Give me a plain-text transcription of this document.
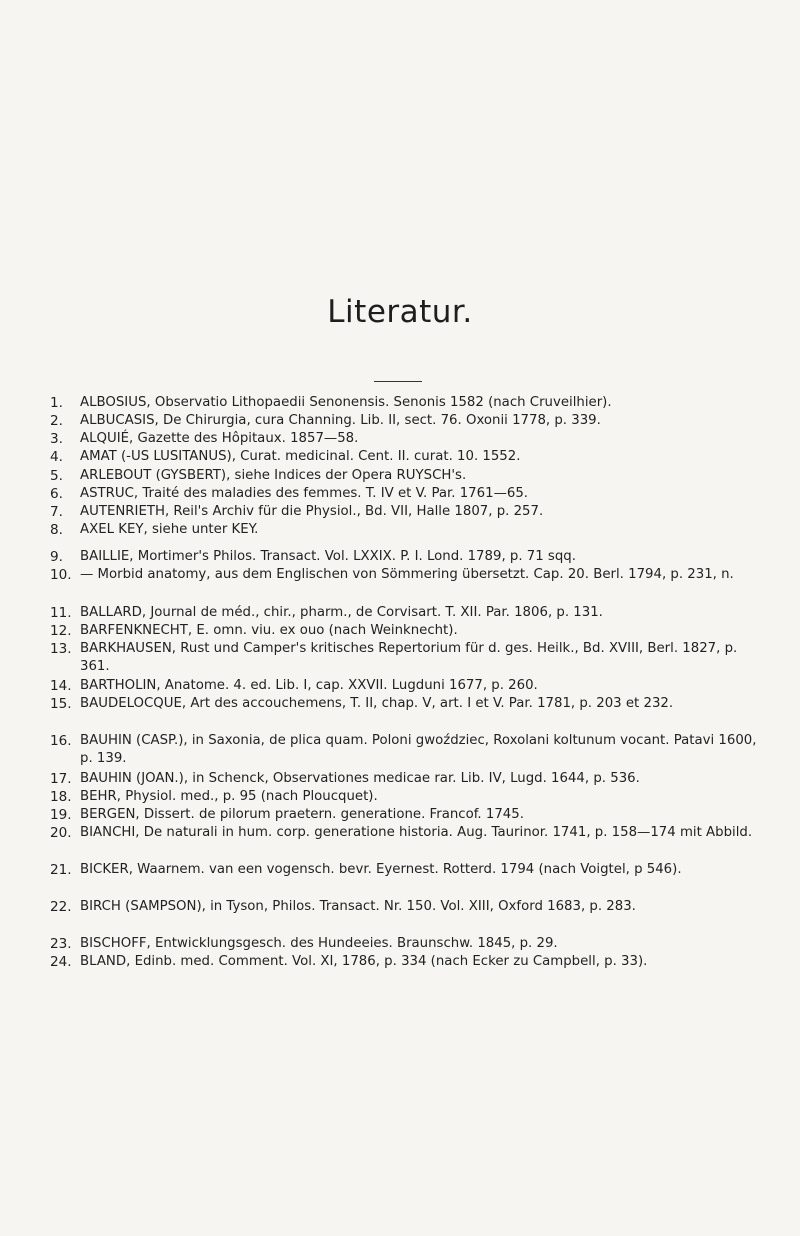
Literatur.
1.	ALBOSIUS, Observatio Lithopaediі Senonensis. Senonis 1582 (nach Cruveilhier).
2.	ALBUCASIS, De Chirurgia, cura Channing. Lib. II, sect. 76. Oxonii 1778, p. 339.
3.	ALQUIÉ, Gazette des Hôpitaux. 1857—58.
4.	AMAT (-US LUSITANUS), Curat. medicinal. Cent. II. curat. 10. 1552.
5.	ARLEBOUT (GYSBERT), siehe Indices der Opera RUYSCH's.
6.	ASTRUC, Traité des maladies des femmes. T. IV et V. Par. 1761—65.
7.	AUTENRIETH, Reil's Archiv für die Physiol., Bd. VII, Halle 1807, p. 257.
8.	AXEL KEY, siehe unter KEY.
9.	BAILLIE, Mortimer's Philos. Transact. Vol. LXXIX. P. I. Lond. 1789, p. 71 sqq.
10. — Morbid anatomy, aus dem Englischen von Sömmering übersetzt. Cap. 20. Berl. 1794, p. 231, n.
11. BALLARD, Journal de méd., chir., pharm., de Corvisart. T. XII. Par. 1806, p. 131.
12. BARFENKNECHT, E. omn. viu. ex ouo (nach Weinknecht).
13. BARKHAUSEN, Rust und Camper's kritisches Repertorium für d. ges. Heilk., Bd. XVIII, Berl. 1827, p. 361.
14. BARTHOLIN, Anatome. 4. ed. Lib. I, cap. XXVII. Lugduni 1677, p. 260.
15. BAUDELOCQUE, Art des accouchemens, T. II, chap. V, art. I et V. Par. 1781, p. 203 et 232.
16. BAUHIN (CASP.), in Saxonia, de plica quam. Poloni gwoździec, Roxolani koltunum vocant. Patavi 1600, p. 139.
17. BAUHIN (JOAN.), in Schenck, Observationes medicae rar. Lib. IV, Lugd. 1644, p. 536.
18. BEHR, Physiol. med., p. 95 (nach Ploucquet).
19. BERGEN, Dissert. de pilorum praetern. generatione. Francof. 1745.
20. BIANCHI, De naturali in hum. corp. generatione historia. Aug. Taurinor. 1741, p. 158—174 mit Abbild.
21. BICKER, Waarnem. van een vogensch. bevr. Eyernest. Rotterd. 1794 (nach Voigtel, p 546).
22. BIRCH (SAMPSON), in Tyson, Philos. Transact. Nr. 150. Vol. XIII, Oxford 1683, p. 283.
23. BISCHOFF, Entwicklungsgesch. des Hundeeies. Braunschw. 1845, p. 29.
24. BLAND, Edinb. med. Comment. Vol. XI, 1786, p. 334 (nach Ecker zu Campbell, p. 33).
